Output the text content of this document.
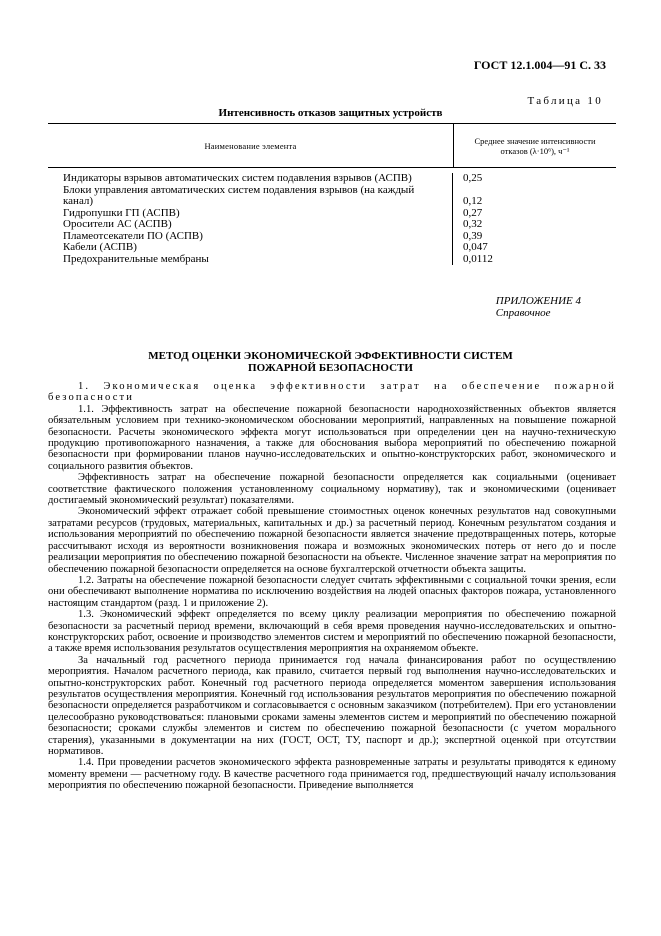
ГОСТ 12.1.004—91 С. 33
Таблица 10
Интенсивность отказов защитных устройств
Наименование элемента	Среднее значение интенсивности отказов (λ·10⁶), ч⁻¹
Индикаторы взрывов автоматических систем подавления взрывов (АСПВ)
Блоки управления автоматических систем подавления взрывов (на каждый
канал)
Гидропушки ГП (АСПВ)
Оросители АС (АСПВ)
Пламеотсекатели ПО (АСПВ)
Кабели (АСПВ)
Предохранительные мембраны
0,25

0,12
0,27
0,32
0,39
0,047
0,0112
ПРИЛОЖЕНИЕ 4
Справочное
МЕТОД ОЦЕНКИ ЭКОНОМИЧЕСКОЙ ЭФФЕКТИВНОСТИ СИСТЕМ
ПОЖАРНОЙ БЕЗОПАСНОСТИ

1. Экономическая оценка эффективности затрат на обеспечение пожарной безопасности

1.1. Эффективность затрат на обеспечение пожарной безопасности народнохозяйственных объектов является обязательным условием при технико-экономическом обосновании мероприятий, направленных на повышение пожарной безопасности. Расчеты экономического эффекта могут использоваться при определении цен на научно-техническую продукцию противопожарного назначения, а также для обоснования выбора мероприятий по обеспечению пожарной безопасности при формировании планов научно-исследовательских и опытно-конструкторских работ, экономического и социального развития объектов.

Эффективность затрат на обеспечение пожарной безопасности определяется как социальными (оценивает соответствие фактического положения установленному социальному нормативу), так и экономическими (оценивает достигаемый экономический результат) показателями.

Экономический эффект отражает собой превышение стоимостных оценок конечных результатов над совокупными затратами ресурсов (трудовых, материальных, капитальных и др.) за расчетный период. Конечным результатом создания и использования мероприятий по обеспечению пожарной безопасности является значение предотвращенных потерь, которые рассчитывают исходя из вероятности возникновения пожара и возможных экономических потерь от него до и после реализации мероприятия по обеспечению пожарной безопасности на объекте. Численное значение затрат на мероприятия по обеспечению пожарной безопасности определяется на основе бухгалтерской отчетности объекта защиты.

1.2. Затраты на обеспечение пожарной безопасности следует считать эффективными с социальной точки зрения, если они обеспечивают выполнение норматива по исключению воздействия на людей опасных факторов пожара, установленного настоящим стандартом (разд. 1 и приложение 2).

1.3. Экономический эффект определяется по всему циклу реализации мероприятия по обеспечению пожарной безопасности за расчетный период времени, включающий в себя время проведения научно-исследовательских и опытно-конструкторских работ, освоение и производство элементов систем и мероприятий по обеспечению пожарной безопасности, а также время использования результатов осуществления мероприятия на охраняемом объекте.

За начальный год расчетного периода принимается год начала финансирования работ по осуществлению мероприятия. Началом расчетного периода, как правило, считается первый год выполнения научно-исследовательских и опытно-конструкторских работ. Конечный год расчетного периода определяется моментом завершения использования результатов осуществления мероприятия. Конечный год использования результатов мероприятия по обеспечению пожарной безопасности определяется разработчиком и согласовывается с основным заказчиком (потребителем). При его установлении целесообразно руководствоваться: плановыми сроками замены элементов систем и мероприятий по обеспечению пожарной безопасности; сроками службы элементов и систем по обеспечению пожарной безопасности (с учетом морального старения), указанными в документации на них (ГОСТ, ОСТ, ТУ, паспорт и др.); экспертной оценкой при отсутствии нормативов.

1.4. При проведении расчетов экономического эффекта разновременные затраты и результаты приводятся к единому моменту времени — расчетному году. В качестве расчетного года принимается год, предшествующий началу использования мероприятия по обеспечению пожарной безопасности. Приведение выполняется
